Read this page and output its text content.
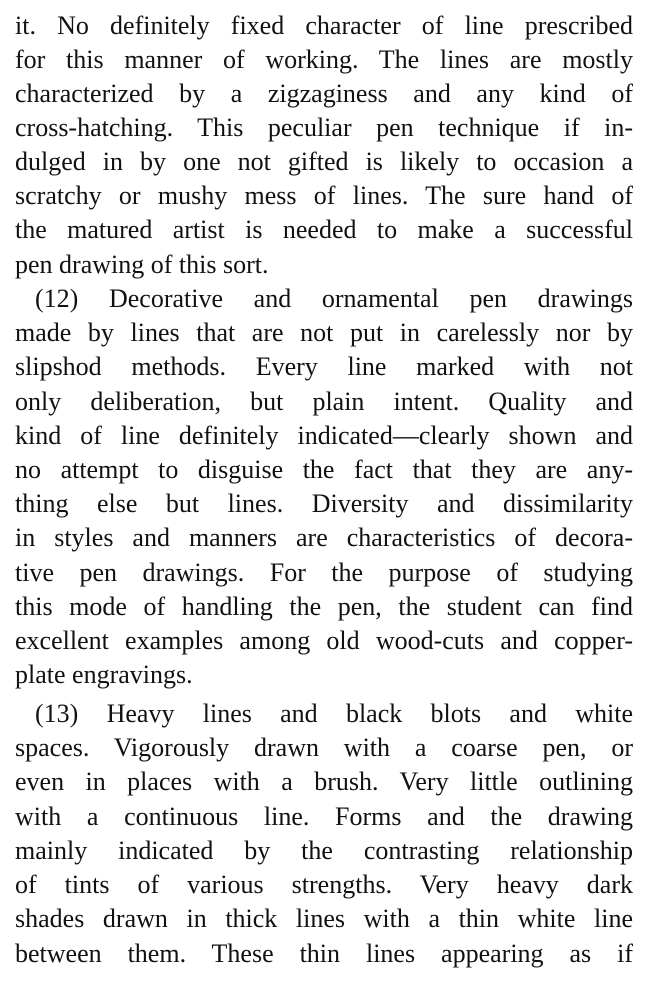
it. No definitely fixed character of line prescribed
for this manner of working. The lines are mostly
characterized by a zigzaginess and any kind of
cross-hatching. This peculiar pen technique if in-
dulged in by one not gifted is likely to occasion a
scratchy or mushy mess of lines. The sure hand of
the matured artist is needed to make a successful
pen drawing of this sort.
(12) Decorative and ornamental pen drawings
made by lines that are not put in carelessly nor by
slipshod methods. Every line marked with not
only deliberation, but plain intent. Quality and
kind of line definitely indicated—clearly shown and
no attempt to disguise the fact that they are any-
thing else but lines. Diversity and dissimilarity
in styles and manners are characteristics of decora-
tive pen drawings. For the purpose of studying
this mode of handling the pen, the student can find
excellent examples among old wood-cuts and copper-
plate engravings.
(13) Heavy lines and black blots and white
spaces. Vigorously drawn with a coarse pen, or
even in places with a brush. Very little outlining
with a continuous line. Forms and the drawing
mainly indicated by the contrasting relationship
of tints of various strengths. Very heavy dark
shades drawn in thick lines with a thin white line
between them. These thin lines appearing as if
